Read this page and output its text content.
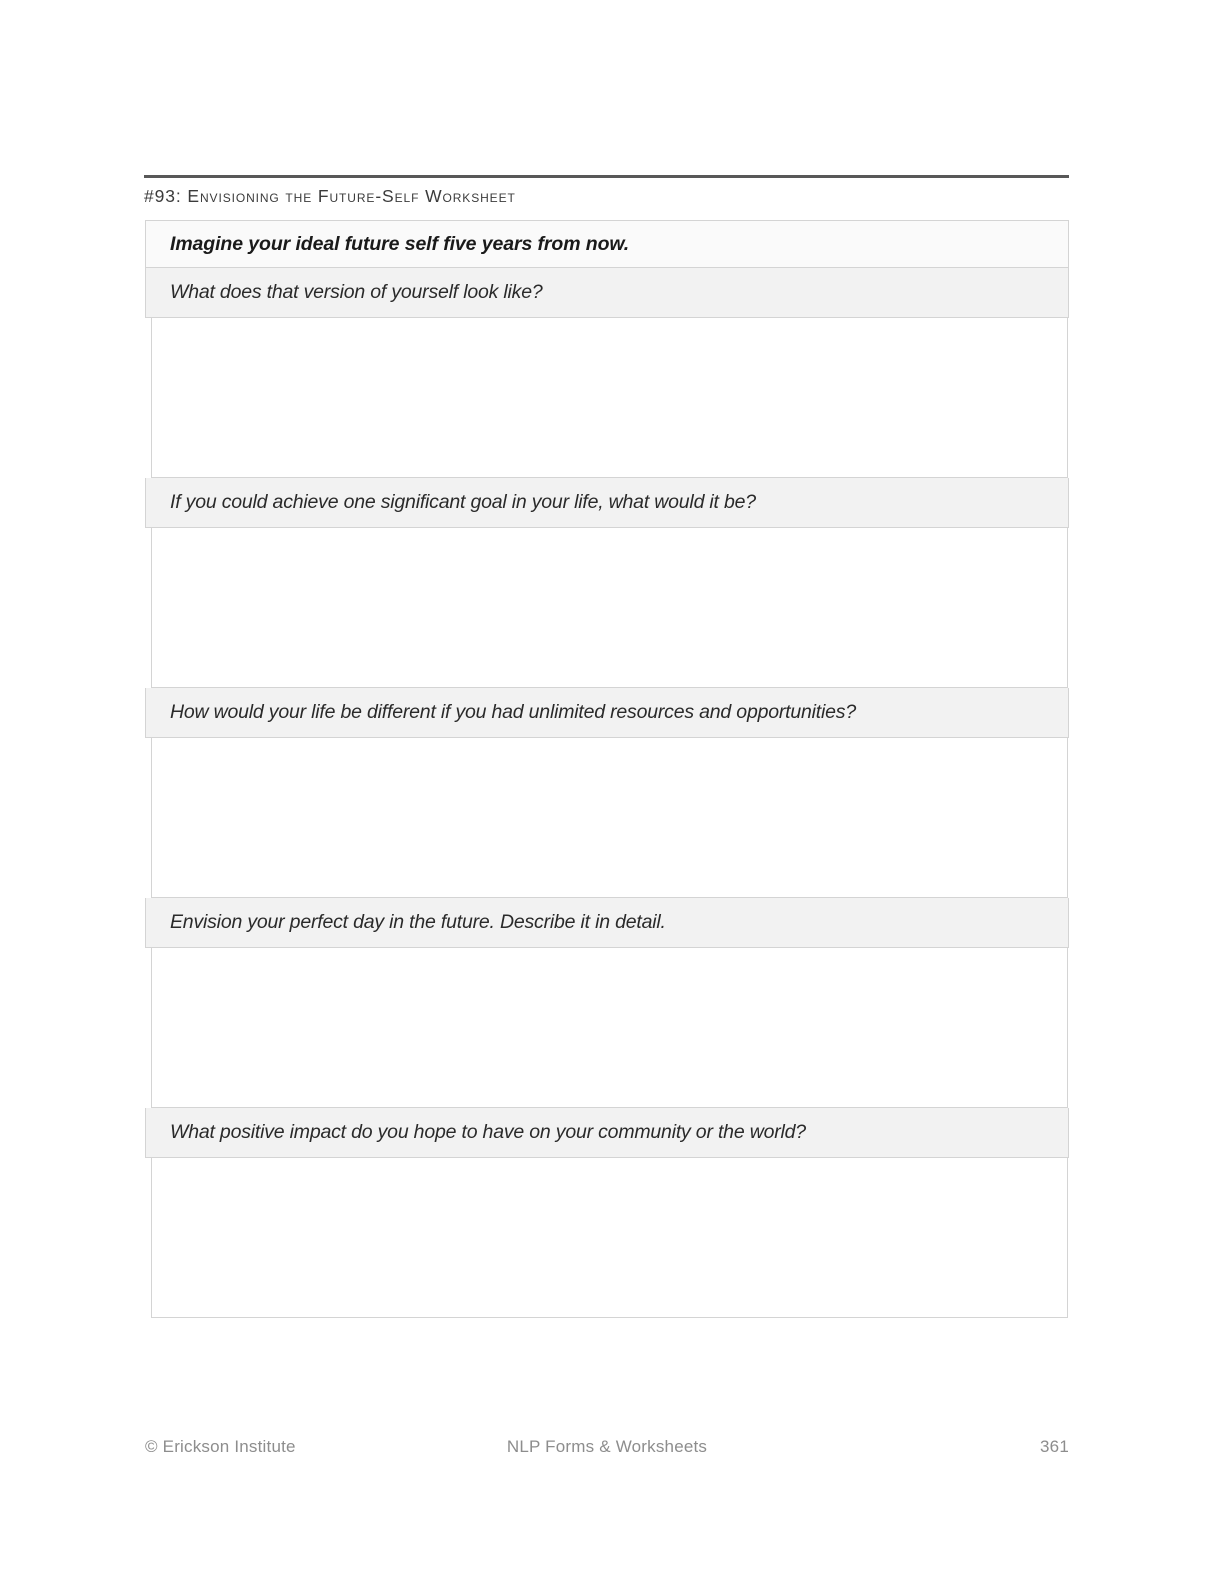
#93: Envisioning the Future-Self Worksheet
Imagine your ideal future self five years from now.
What does that version of yourself look like?

If you could achieve one significant goal in your life, what would it be?

How would your life be different if you had unlimited resources and opportunities?

Envision your perfect day in the future. Describe it in detail.

What positive impact do you hope to have on your community or the world?

© Erickson Institute	NLP Forms & Worksheets	361
